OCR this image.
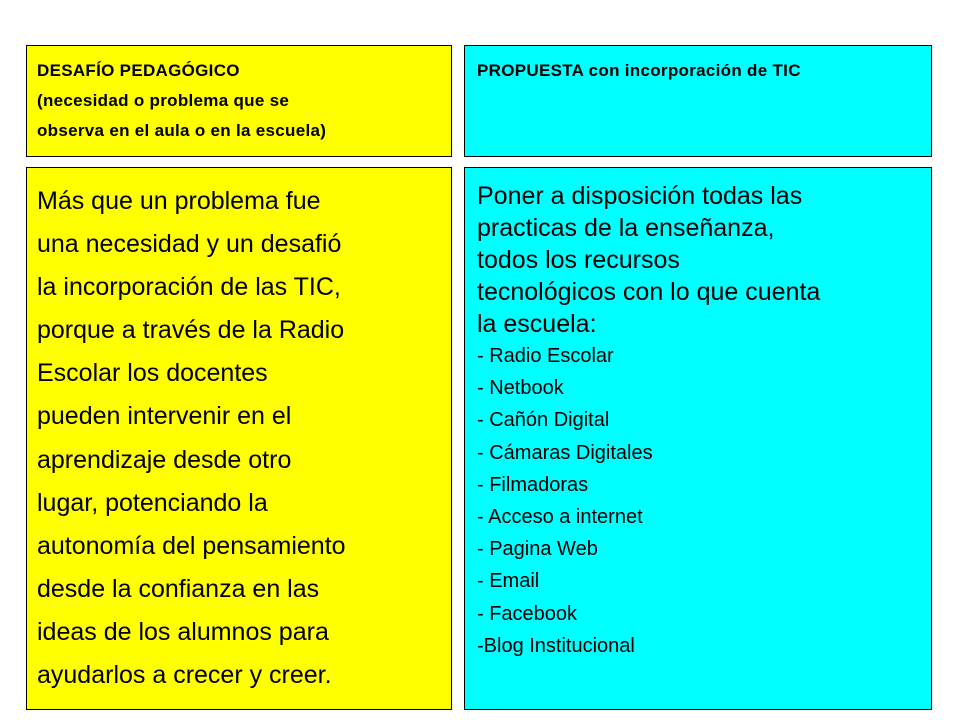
DESAFÍO PEDAGÓGICO
(necesidad o problema que se
observa en el aula o en la escuela)

PROPUESTA con incorporación de TIC

Más que un problema fue
una necesidad y un desafió
la incorporación de las TIC,
porque a través de la Radio
Escolar los docentes
pueden intervenir en el
aprendizaje desde otro
lugar, potenciando la
autonomía del pensamiento
desde la confianza en las
ideas de los alumnos para
ayudarlos a crecer y creer.

Poner a disposición todas las
practicas de la enseñanza,
todos los recursos
tecnológicos con lo que cuenta
la escuela:

- Radio Escolar
- Netbook
- Cañón Digital
- Cámaras Digitales
- Filmadoras
- Acceso a internet
- Pagina Web
- Email
- Facebook
-Blog Institucional
